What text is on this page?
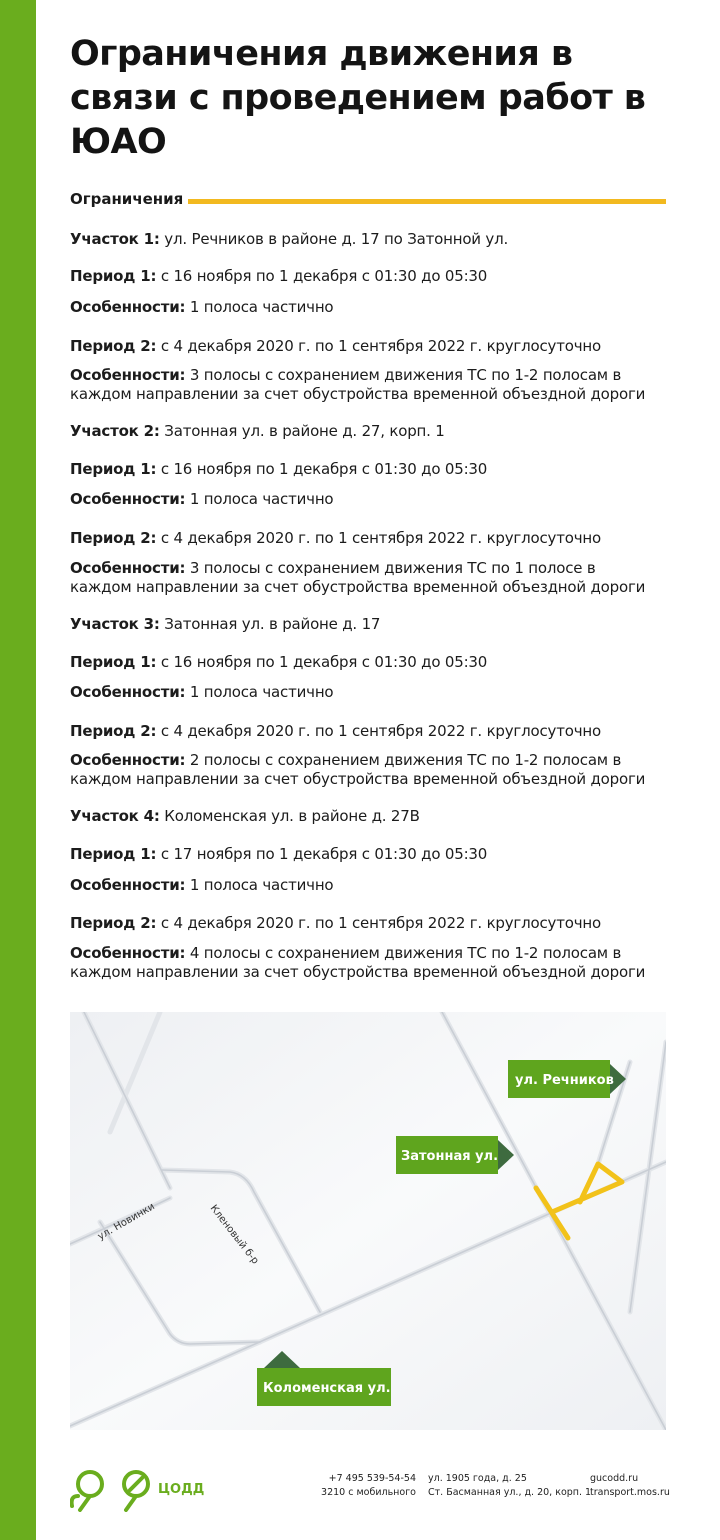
Ограничения движения в связи с проведением работ в ЮАО
Ограничения
Участок 1: ул. Речников в районе д. 17 по Затонной ул.
Период 1: с 16 ноября по 1 декабря с 01:30 до 05:30
Особенности: 1 полоса частично
Период 2: с 4 декабря 2020 г. по 1 сентября 2022 г. круглосуточно
Особенности: 3 полосы с сохранением движения ТС по 1-2 полосам в
каждом направлении за счет обустройства временной объездной дороги
Участок 2: Затонная ул. в районе д. 27, корп. 1
Период 1: с 16 ноября по 1 декабря с 01:30 до 05:30
Особенности: 1 полоса частично
Период 2: с 4 декабря 2020 г. по 1 сентября 2022 г. круглосуточно
Особенности: 3 полосы с сохранением движения ТС по 1 полосе в
каждом направлении за счет обустройства временной объездной дороги
Участок 3: Затонная ул. в районе д. 17
Период 1: с 16 ноября по 1 декабря с 01:30 до 05:30
Особенности: 1 полоса частично
Период 2: с 4 декабря 2020 г. по 1 сентября 2022 г. круглосуточно
Особенности: 2 полосы с сохранением движения ТС по 1-2 полосам в
каждом направлении за счет обустройства временной объездной дороги
Участок 4: Коломенская ул. в районе д. 27В
Период 1: с 17 ноября по 1 декабря с 01:30 до 05:30
Особенности: 1 полоса частично
Период 2: с 4 декабря 2020 г. по 1 сентября 2022 г. круглосуточно
Особенности: 4 полосы с сохранением движения ТС по 1-2 полосам в
каждом направлении за счет обустройства временной объездной дороги
ул. Новинки	Кленовый б-р
ул. Речников
Затонная ул.
Коломенская ул.
ЦОДД
+7 495 539-54-54
3210 с мобильного
ул. 1905 года, д. 25
Ст. Басманная ул., д. 20, корп. 1
gucodd.ru
transport.mos.ru
